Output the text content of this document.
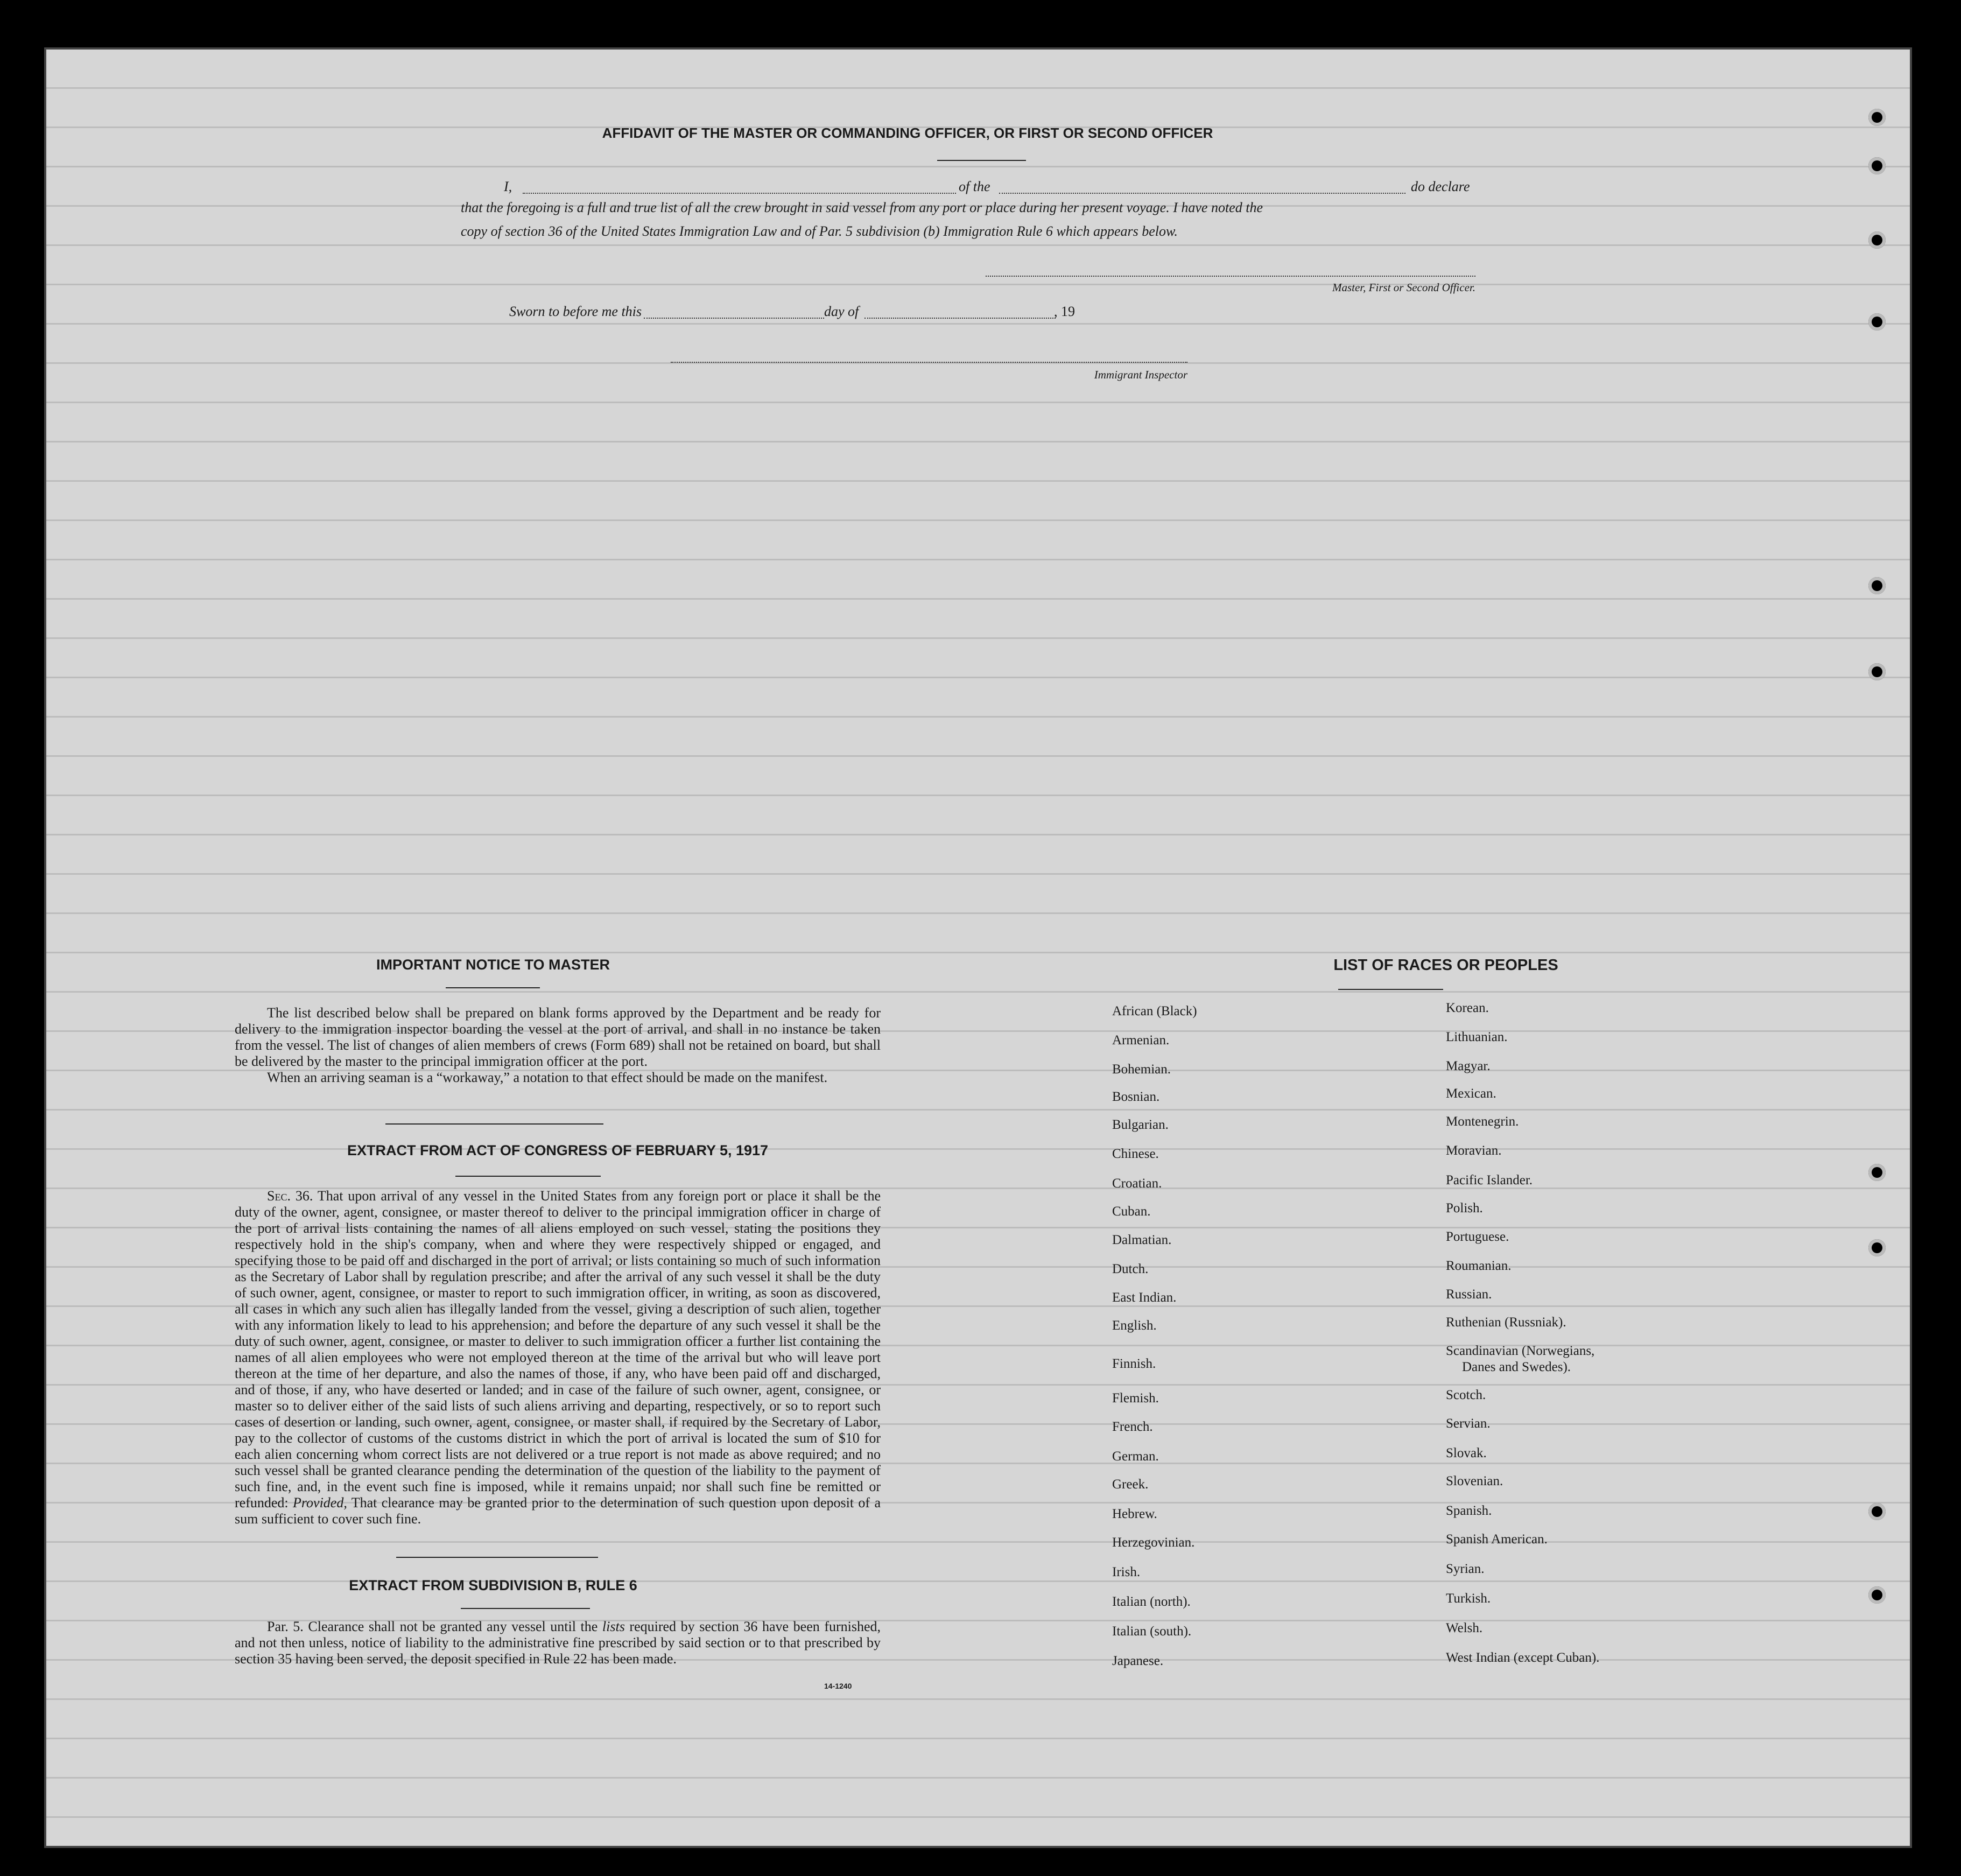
AFFIDAVIT OF THE MASTER OR COMMANDING OFFICER, OR FIRST OR SECOND OFFICER
I,	of the	do declare
that the foregoing is a full and true list of all the crew brought in said vessel from any port or place during her present voyage. I have noted the
copy of section 36 of the United States Immigration Law and of Par. 5 subdivision (b) Immigration Rule 6 which appears below.
Master, First or Second Officer.
Sworn to before me this	day of	, 19
Immigrant Inspector
IMPORTANT NOTICE TO MASTER
The list described below shall be prepared on blank forms approved by the Department and be ready for delivery to the immigration inspector boarding the vessel at the port of arrival, and shall in no instance be taken from the vessel. The list of changes of alien members of crews (Form 689) shall not be retained on board, but shall be delivered by the master to the principal immigration officer at the port.
When an arriving seaman is a “workaway,” a notation to that effect should be made on the manifest.
EXTRACT FROM ACT OF CONGRESS OF FEBRUARY 5, 1917
Sec. 36. That upon arrival of any vessel in the United States from any foreign port or place it shall be the duty of the owner, agent, consignee, or master thereof to deliver to the principal immigration officer in charge of the port of arrival lists containing the names of all aliens employed on such vessel, stating the positions they respectively hold in the ship's company, when and where they were respectively shipped or engaged, and specifying those to be paid off and discharged in the port of arrival; or lists containing so much of such information as the Secretary of Labor shall by regulation prescribe; and after the arrival of any such vessel it shall be the duty of such owner, agent, consignee, or master to report to such immigration officer, in writing, as soon as discovered, all cases in which any such alien has illegally landed from the vessel, giving a description of such alien, together with any information likely to lead to his apprehension; and before the departure of any such vessel it shall be the duty of such owner, agent, consignee, or master to deliver to such immigration officer a further list containing the names of all alien employees who were not employed thereon at the time of the arrival but who will leave port thereon at the time of her departure, and also the names of those, if any, who have been paid off and discharged, and of those, if any, who have deserted or landed; and in case of the failure of such owner, agent, consignee, or master so to deliver either of the said lists of such aliens arriving and departing, respectively, or so to report such cases of desertion or landing, such owner, agent, consignee, or master shall, if required by the Secretary of Labor, pay to the collector of customs of the customs district in which the port of arrival is located the sum of $10 for each alien concerning whom correct lists are not delivered or a true report is not made as above required; and no such vessel shall be granted clearance pending the determination of the question of the liability to the payment of such fine, and, in the event such fine is imposed, while it remains unpaid; nor shall such fine be remitted or refunded: Provided, That clearance may be granted prior to the determination of such question upon deposit of a sum sufficient to cover such fine.
EXTRACT FROM SUBDIVISION B, RULE 6
Par. 5. Clearance shall not be granted any vessel until the lists required by section 36 have been furnished, and not then unless, notice of liability to the administrative fine prescribed by said section or to that prescribed by section 35 having been served, the deposit specified in Rule 22 has been made.
14-1240
LIST OF RACES OR PEOPLES
African (Black)
Armenian.
Bohemian.
Bosnian.
Bulgarian.
Chinese.
Croatian.
Cuban.
Dalmatian.
Dutch.
East Indian.
English.
Finnish.
Flemish.
French.
German.
Greek.
Hebrew.
Herzegovinian.
Irish.
Italian (north).
Italian (south).
Japanese.
Korean.
Lithuanian.
Magyar.
Mexican.
Montenegrin.
Moravian.
Pacific Islander.
Polish.
Portuguese.
Roumanian.
Russian.
Ruthenian (Russniak).
Scandinavian (Norwegians,
Danes and Swedes).
Scotch.
Servian.
Slovak.
Slovenian.
Spanish.
Spanish American.
Syrian.
Turkish.
Welsh.
West Indian (except Cuban).
